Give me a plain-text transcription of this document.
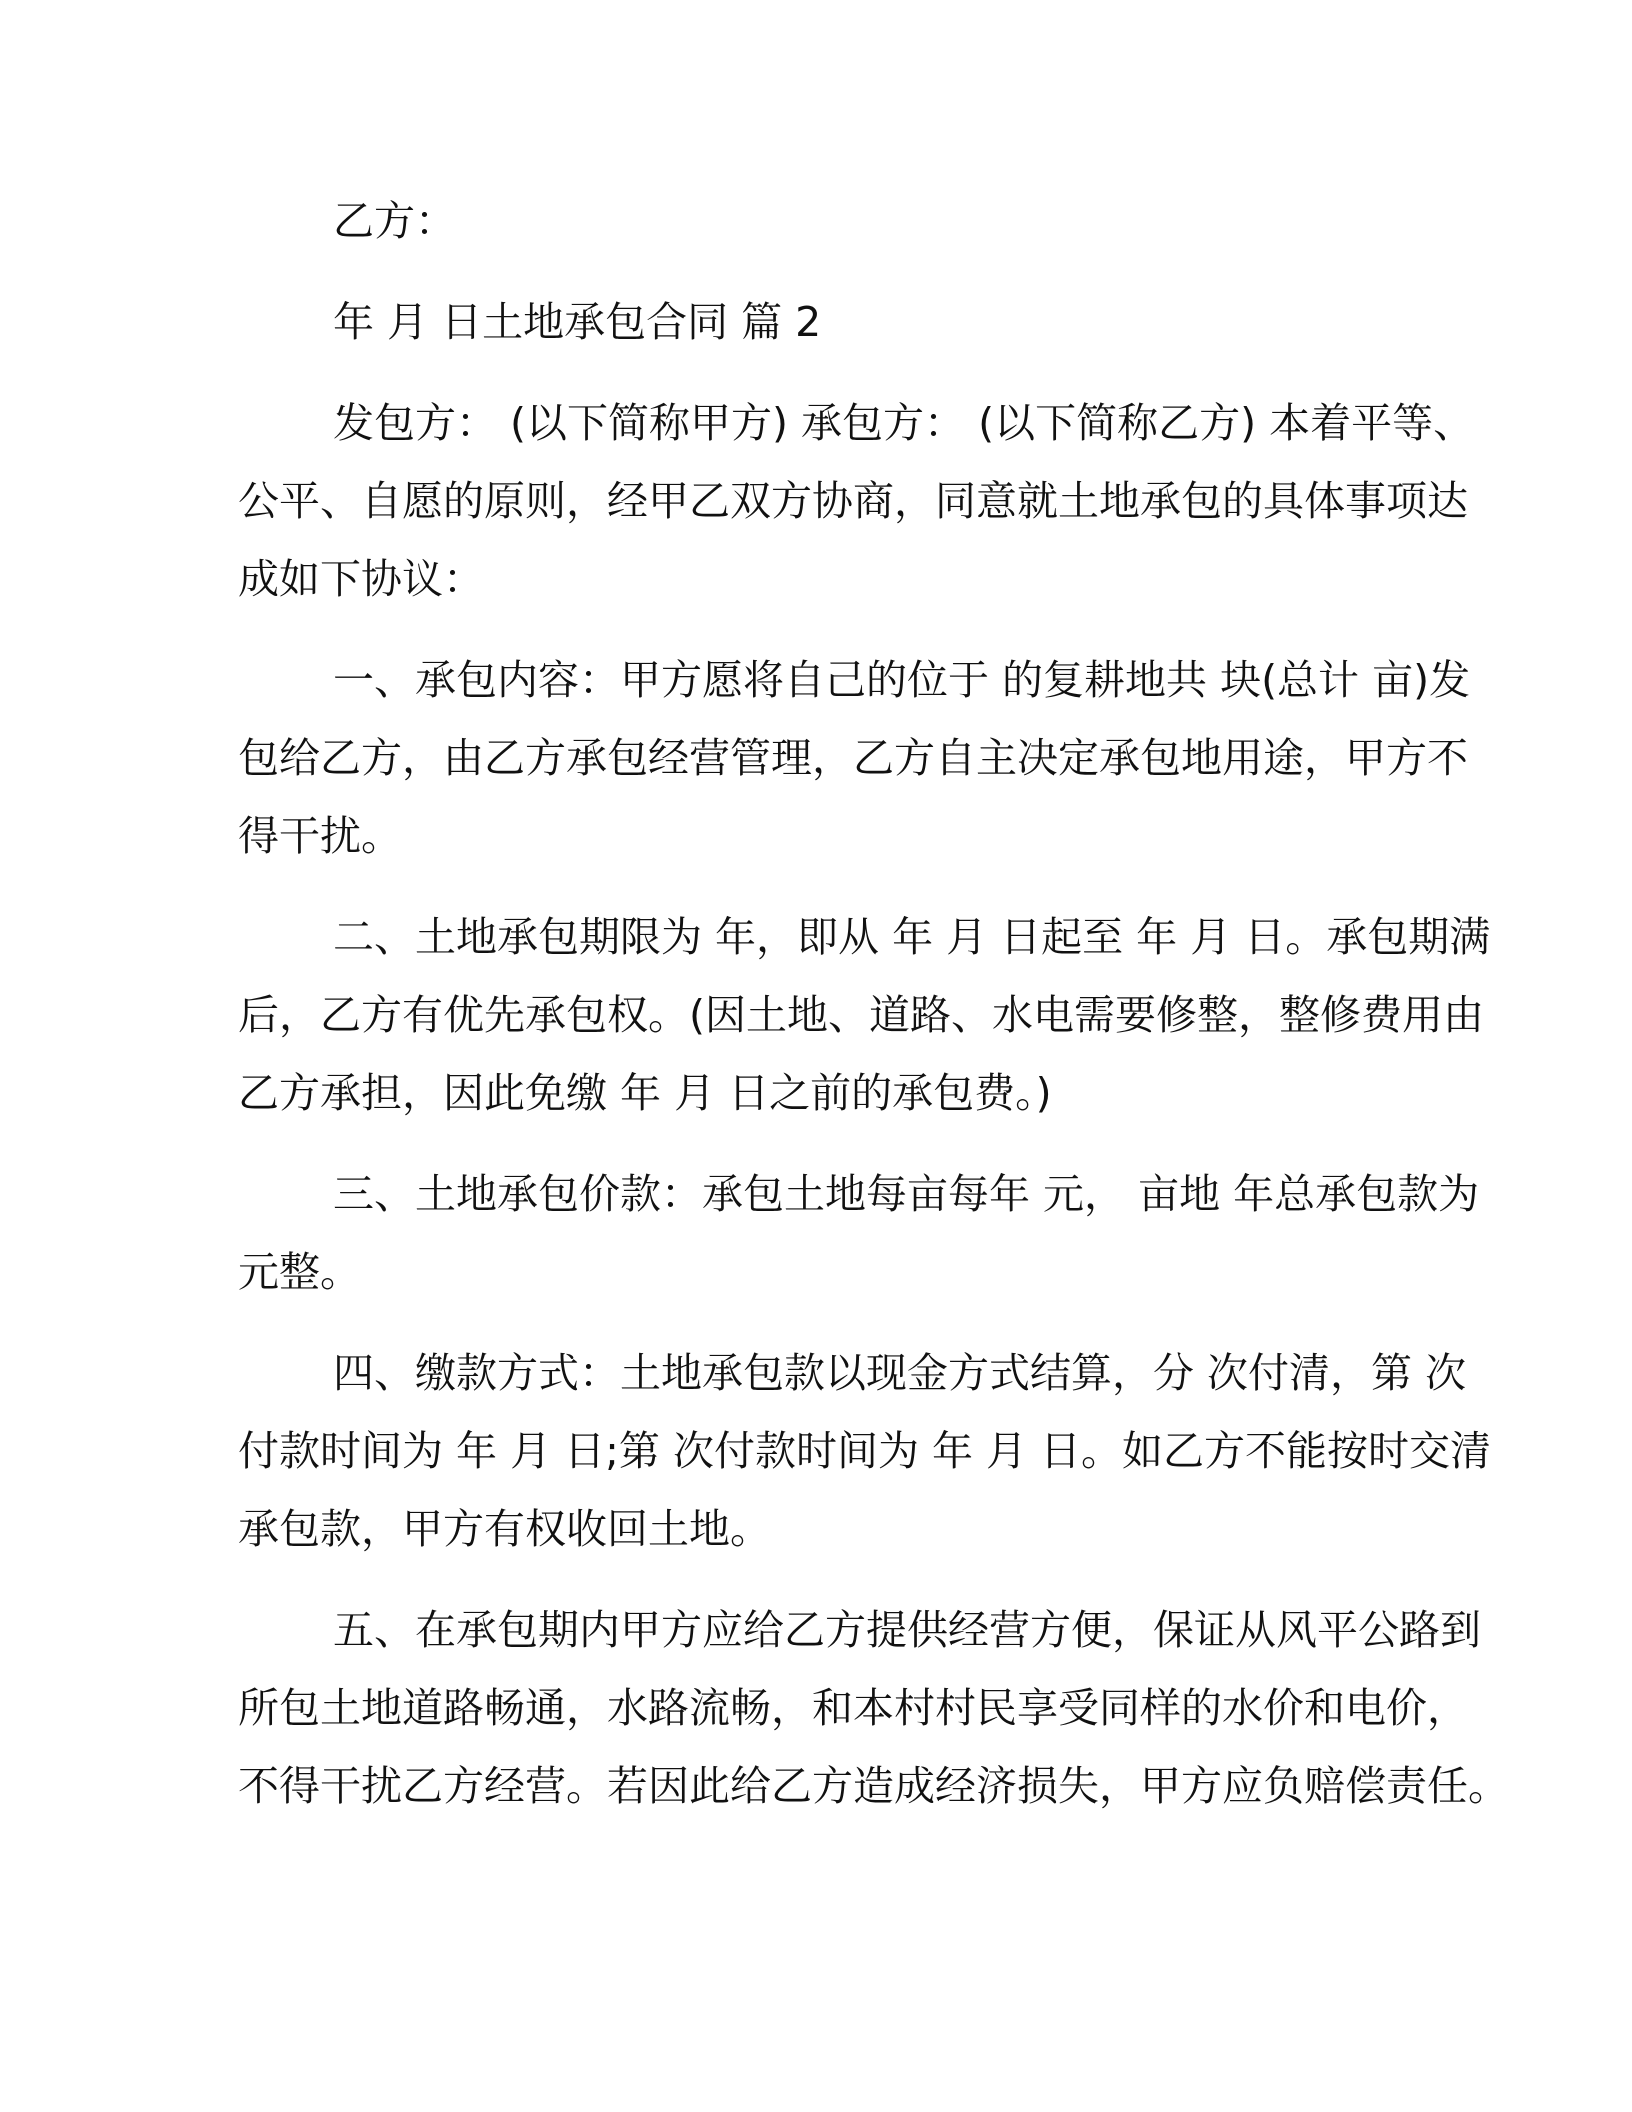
乙方：
年 月 日土地承包合同 篇 2
发包方： (以下简称甲方) 承包方： (以下简称乙方) 本着平等、
公平、自愿的原则，经甲乙双方协商，同意就土地承包的具体事项达
成如下协议：
一、承包内容：甲方愿将自己的位于 的复耕地共 块(总计 亩)发
包给乙方，由乙方承包经营管理，乙方自主决定承包地用途，甲方不
得干扰。
二、土地承包期限为 年，即从 年 月 日起至 年 月 日。承包期满
后，乙方有优先承包权。(因土地、道路、水电需要修整，整修费用由
乙方承担，因此免缴 年 月 日之前的承包费。)
三、土地承包价款：承包土地每亩每年 元， 亩地 年总承包款为
元整。
四、缴款方式：土地承包款以现金方式结算，分 次付清，第 次
付款时间为 年 月 日;第 次付款时间为 年 月 日。如乙方不能按时交清
承包款，甲方有权收回土地。
五、在承包期内甲方应给乙方提供经营方便，保证从风平公路到
所包土地道路畅通，水路流畅，和本村村民享受同样的水价和电价，
不得干扰乙方经营。若因此给乙方造成经济损失，甲方应负赔偿责任。
